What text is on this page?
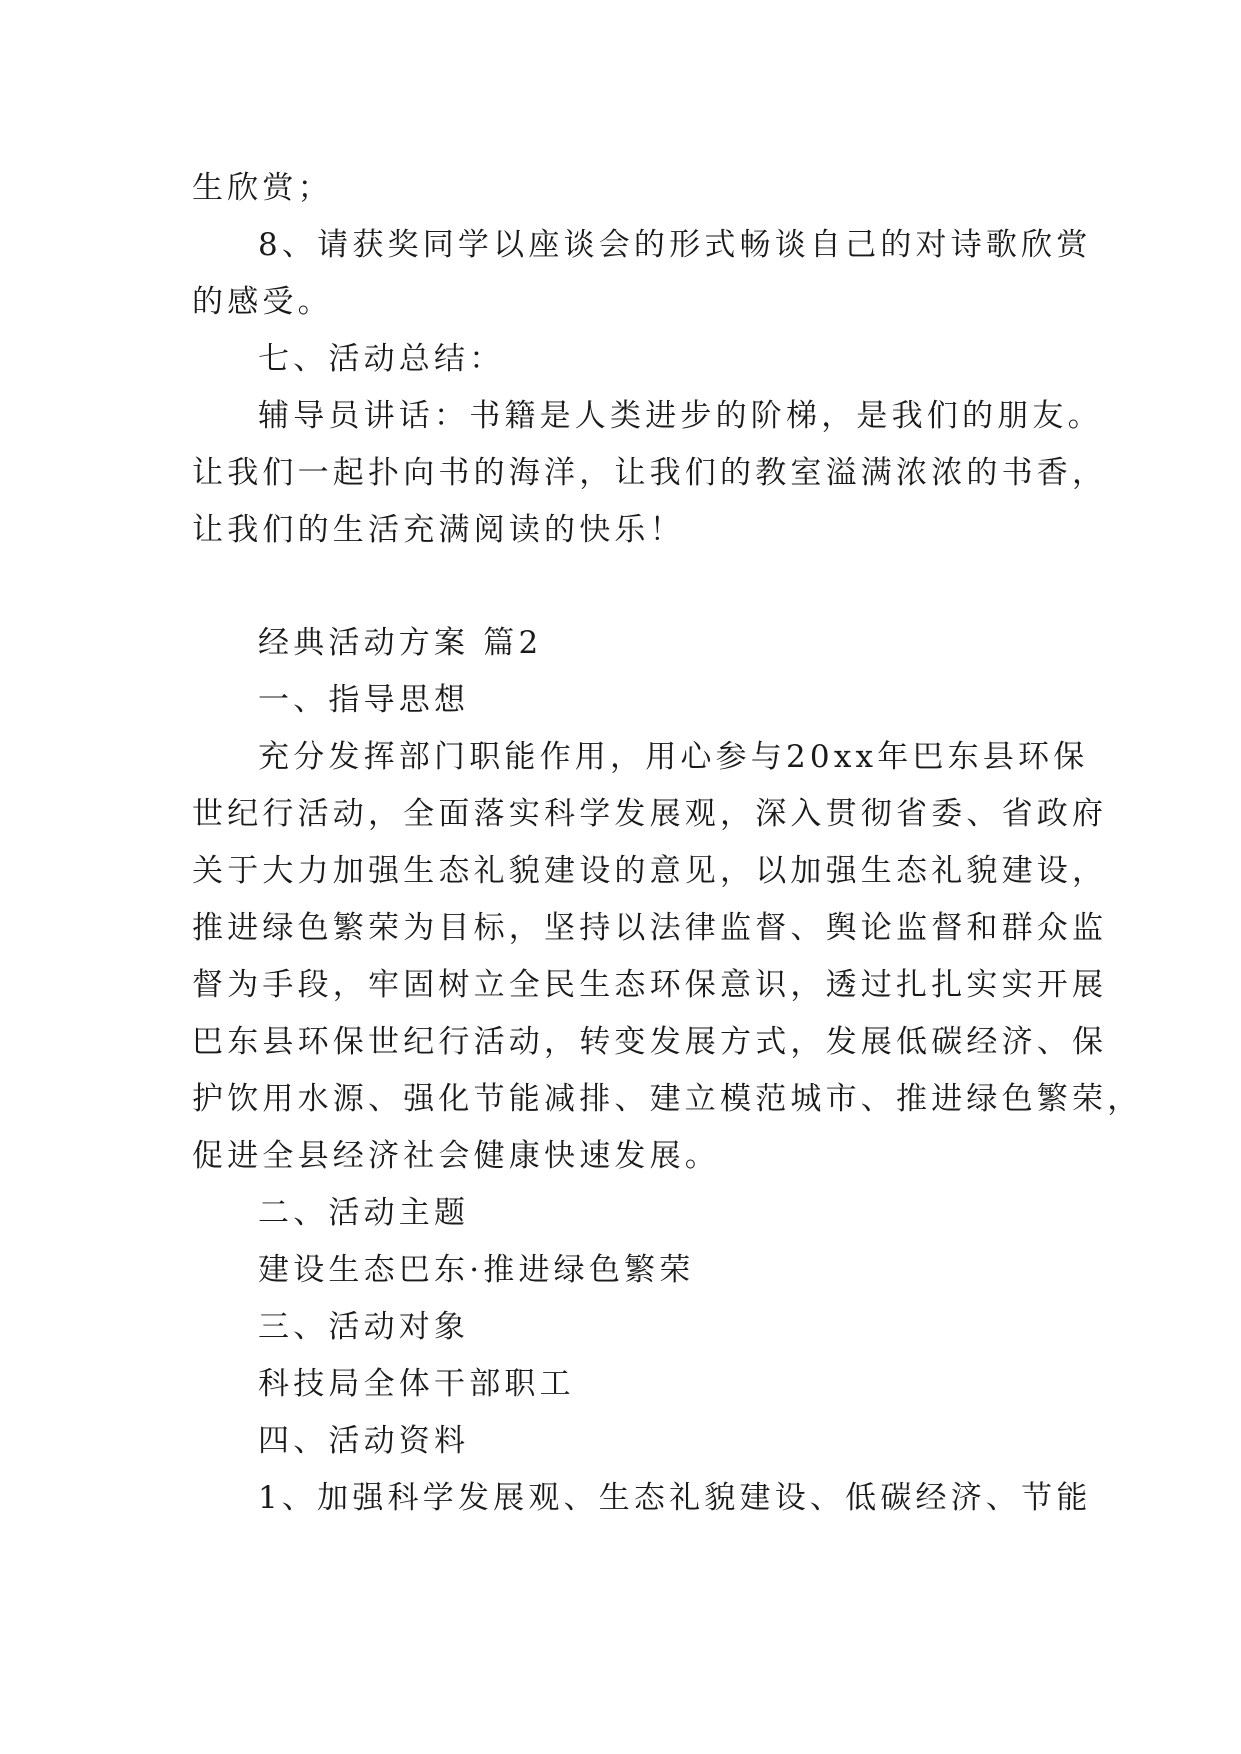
生欣赏；
8、请获奖同学以座谈会的形式畅谈自己的对诗歌欣赏
的感受。
七、活动总结：
辅导员讲话：书籍是人类进步的阶梯，是我们的朋友。
让我们一起扑向书的海洋，让我们的教室溢满浓浓的书香，
让我们的生活充满阅读的快乐！
经典活动方案 篇2
一、指导思想
充分发挥部门职能作用，用心参与20xx年巴东县环保
世纪行活动，全面落实科学发展观，深入贯彻省委、省政府
关于大力加强生态礼貌建设的意见，以加强生态礼貌建设，
推进绿色繁荣为目标，坚持以法律监督、舆论监督和群众监
督为手段，牢固树立全民生态环保意识，透过扎扎实实开展
巴东县环保世纪行活动，转变发展方式，发展低碳经济、保
护饮用水源、强化节能减排、建立模范城市、推进绿色繁荣，
促进全县经济社会健康快速发展。
二、活动主题
建设生态巴东·推进绿色繁荣
三、活动对象
科技局全体干部职工
四、活动资料
1、加强科学发展观、生态礼貌建设、低碳经济、节能
